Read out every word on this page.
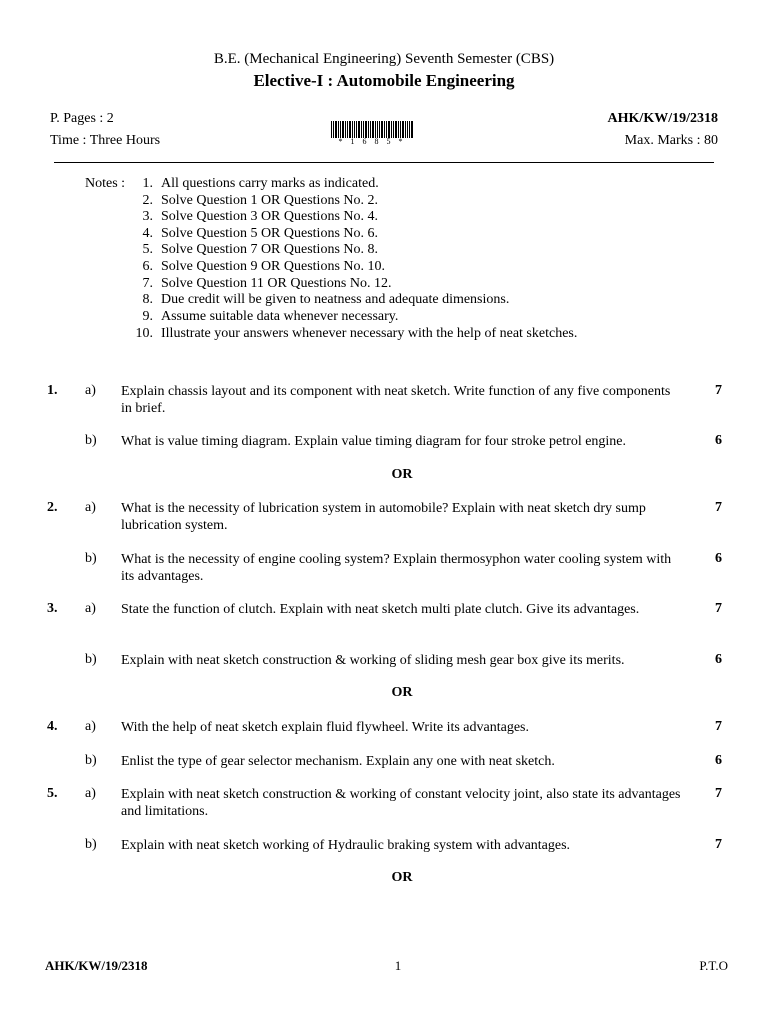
B.E. (Mechanical Engineering) Seventh Semester (CBS)
Elective-I : Automobile Engineering
P. Pages : 2	AHK/KW/19/2318
Time : Three Hours	Max. Marks : 80
* 1 6 8 5 *
Notes :	1. All questions carry marks as indicated.
2. Solve Question 1 OR Questions No. 2.
3. Solve Question 3 OR Questions No. 4.
4. Solve Question 5 OR Questions No. 6.
5. Solve Question 7 OR Questions No. 8.
6. Solve Question 9 OR Questions No. 10.
7. Solve Question 11 OR Questions No. 12.
8. Due credit will be given to neatness and adequate dimensions.
9. Assume suitable data whenever necessary.
10. Illustrate your answers whenever necessary with the help of neat sketches.
1. a) Explain chassis layout and its component with neat sketch. Write function of any five components in brief.
7
b) What is value timing diagram. Explain value timing diagram for four stroke petrol engine.	6
OR
2. a) What is the necessity of lubrication system in automobile? Explain with neat sketch dry sump lubrication system.
7
b) What is the necessity of engine cooling system? Explain thermosyphon water cooling system with its advantages.
6
3. a) State the function of clutch. Explain with neat sketch multi plate clutch. Give its advantages.	7
b) Explain with neat sketch construction & working of sliding mesh gear box give its merits.	6
OR
4. a) With the help of neat sketch explain fluid flywheel. Write its advantages.	7
b) Enlist the type of gear selector mechanism. Explain any one with neat sketch.	6
5. a) Explain with neat sketch construction & working of constant velocity joint, also state its advantages and limitations.
7
b) Explain with neat sketch working of Hydraulic braking system with advantages.	7
OR
AHK/KW/19/2318	1	P.T.O
